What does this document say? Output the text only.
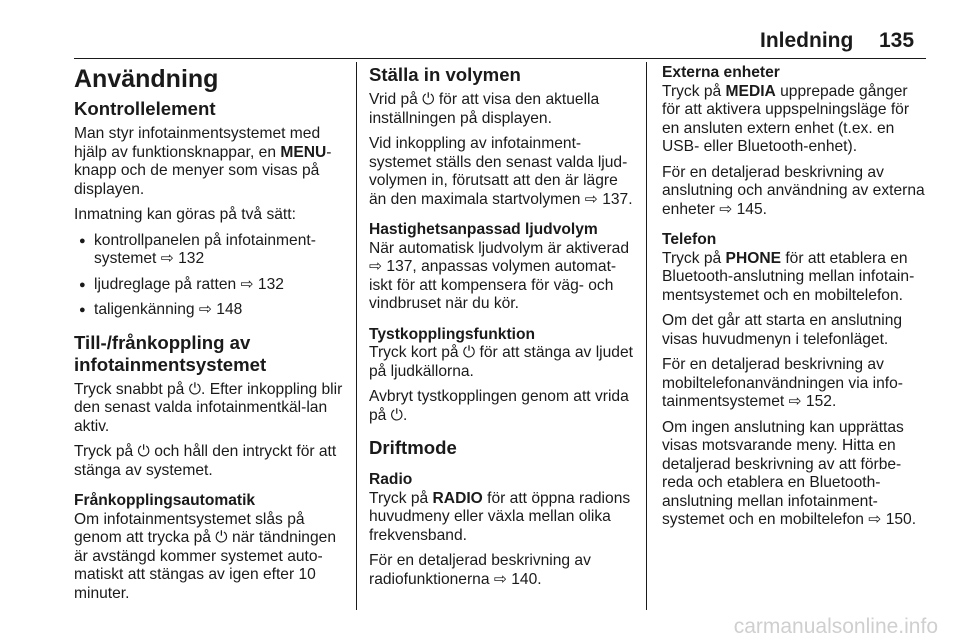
Inledning 135
Användning
Kontrollelement

Man styr infotainmentsystemet med hjälp av funktionsknappar, en MENU-knapp och de menyer som visas på displayen.

Inmatning kan göras på två sätt:

● kontrollpanelen på infotainment-systemet ⇨ 132
● ljudreglage på ratten ⇨ 132
● taligenkänning ⇨ 148
Till-/frånkoppling av infotainmentsystemet

Tryck snabbt på ⏻. Efter inkoppling blir den senast valda infotainmentkäl-lan aktiv.

Tryck på ⏻ och håll den intryckt för att stänga av systemet.

Frånkopplingsautomatik

Om infotainmentsystemet slås på genom att trycka på ⏻ när tändningen är avstängd kommer systemet auto-matiskt att stängas av igen efter 10 minuter.

Ställa in volymen

Vrid på ⏻ för att visa den aktuella inställningen på displayen.

Vid inkoppling av infotainment-systemet ställs den senast valda ljud-volymen in, förutsatt att den är lägre än den maximala startvolymen ⇨ 137.

Hastighetsanpassad ljudvolym

När automatisk ljudvolym är aktiverad ⇨ 137, anpassas volymen automat-iskt för att kompensera för väg- och vindbruset när du kör.

Tystkopplingsfunktion

Tryck kort på ⏻ för att stänga av ljudet på ljudkällorna.

Avbryt tystkopplingen genom att vrida på ⏻.

Driftmode
Radio

Tryck på RADIO för att öppna radions huvudmeny eller växla mellan olika frekvensband.

För en detaljerad beskrivning av radiofunktionerna ⇨ 140.

Externa enheter

Tryck på MEDIA upprepade gånger för att aktivera uppspelningsläge för en ansluten extern enhet (t.ex. en USB- eller Bluetooth-enhet).

För en detaljerad beskrivning av anslutning och användning av externa enheter ⇨ 145.

Telefon

Tryck på PHONE för att etablera en Bluetooth-anslutning mellan infotain-mentsystemet och en mobiltelefon.

Om det går att starta en anslutning visas huvudmenyn i telefonläget.

För en detaljerad beskrivning av mobiltelefonanvändningen via info-tainmentsystemet ⇨ 152.

Om ingen anslutning kan upprättas visas motsvarande meny. Hitta en detaljerad beskrivning av att förbe-reda och etablera en Bluetooth-anslutning mellan infotainment-systemet och en mobiltelefon ⇨ 150.

carmanualsonline.info
